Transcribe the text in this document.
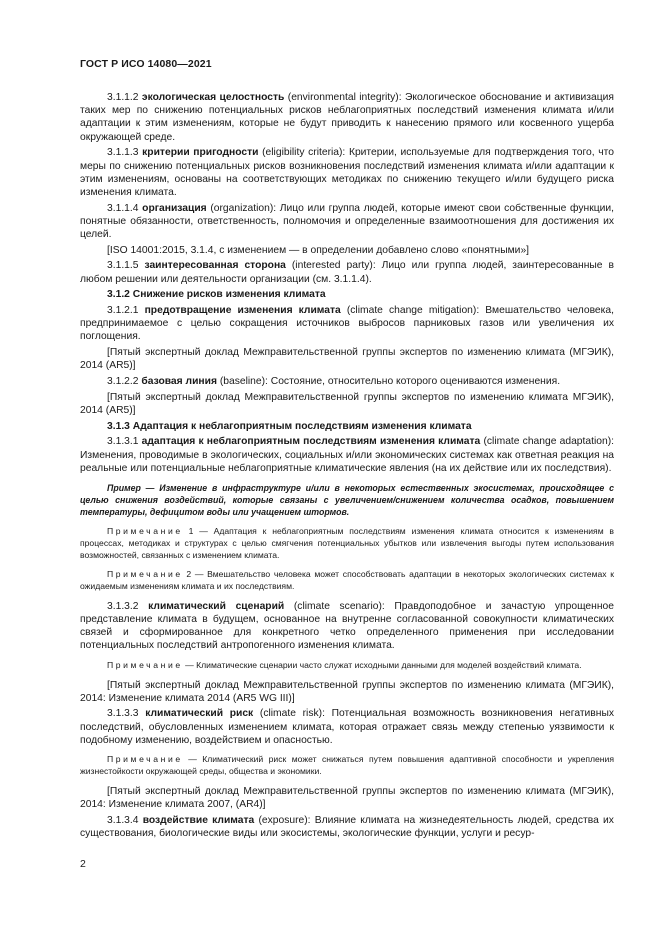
ГОСТ Р ИСО 14080—2021

3.1.1.2 экологическая целостность (environmental integrity): Экологическое обоснование и активизация таких мер по снижению потенциальных рисков неблагоприятных последствий изменения климата и/или адаптации к этим изменениям, которые не будут приводить к нанесению прямого или косвенного ущерба окружающей среде.

3.1.1.3 критерии пригодности (eligibility criteria): Критерии, используемые для подтверждения того, что меры по снижению потенциальных рисков возникновения последствий изменения климата и/или адаптации к этим изменениям, основаны на соответствующих методиках по снижению текущего и/или будущего риска изменения климата.

3.1.1.4 организация (organization): Лицо или группа людей, которые имеют свои собственные функции, понятные обязанности, ответственность, полномочия и определенные взаимоотношения для достижения их целей.

[ISO 14001:2015, 3.1.4, с изменением — в определении добавлено слово «понятными»]

3.1.1.5 заинтересованная сторона (interested party): Лицо или группа людей, заинтересованные в любом решении или деятельности организации (см. 3.1.1.4).

3.1.2 Снижение рисков изменения климата

3.1.2.1 предотвращение изменения климата (climate change mitigation): Вмешательство человека, предпринимаемое с целью сокращения источников выбросов парниковых газов или увеличения их поглощения.

[Пятый экспертный доклад Межправительственной группы экспертов по изменению климата (МГЭИК), 2014 (AR5)]

3.1.2.2 базовая линия (baseline): Состояние, относительно которого оцениваются изменения.

[Пятый экспертный доклад Межправительственной группы экспертов по изменению климата МГЭИК), 2014 (AR5)]

3.1.3 Адаптация к неблагоприятным последствиям изменения климата

3.1.3.1 адаптация к неблагоприятным последствиям изменения климата (climate change adaptation): Изменения, проводимые в экологических, социальных и/или экономических системах как ответная реакция на реальные или потенциальные неблагоприятные климатические явления (на их действие или их последствия).

Пример — Изменение в инфраструктуре и/или в некоторых естественных экосистемах, происходящее с целью снижения воздействий, которые связаны с увеличением/снижением количества осадков, повышением температуры, дефицитом воды или учащением штормов.

Примечание 1 — Адаптация к неблагоприятным последствиям изменения климата относится к изменениям в процессах, методиках и структурах с целью смягчения потенциальных убытков или извлечения выгоды путем использования возможностей, связанных с изменением климата.

Примечание 2 — Вмешательство человека может способствовать адаптации в некоторых экологических системах к ожидаемым изменениям климата и их последствиям.

3.1.3.2 климатический сценарий (climate scenario): Правдоподобное и зачастую упрощенное представление климата в будущем, основанное на внутренне согласованной совокупности климатических связей и сформированное для конкретного четко определенного применения при исследовании потенциальных последствий антропогенного изменения климата.

Примечание — Климатические сценарии часто служат исходными данными для моделей воздействий климата.

[Пятый экспертный доклад Межправительственной группы экспертов по изменению климата (МГЭИК), 2014: Изменение климата 2014 (AR5 WG III)]

3.1.3.3 климатический риск (climate risk): Потенциальная возможность возникновения негативных последствий, обусловленных изменением климата, которая отражает связь между степенью уязвимости к подобному изменению, воздействием и опасностью.

Примечание — Климатический риск может снижаться путем повышения адаптивной способности и укрепления жизнестойкости окружающей среды, общества и экономики.

[Пятый экспертный доклад Межправительственной группы экспертов по изменению климата (МГЭИК), 2014: Изменение климата 2007, (AR4)]

3.1.3.4 воздействие климата (exposure): Влияние климата на жизнедеятельность людей, средства их существования, биологические виды или экосистемы, экологические функции, услуги и ресур-

2
